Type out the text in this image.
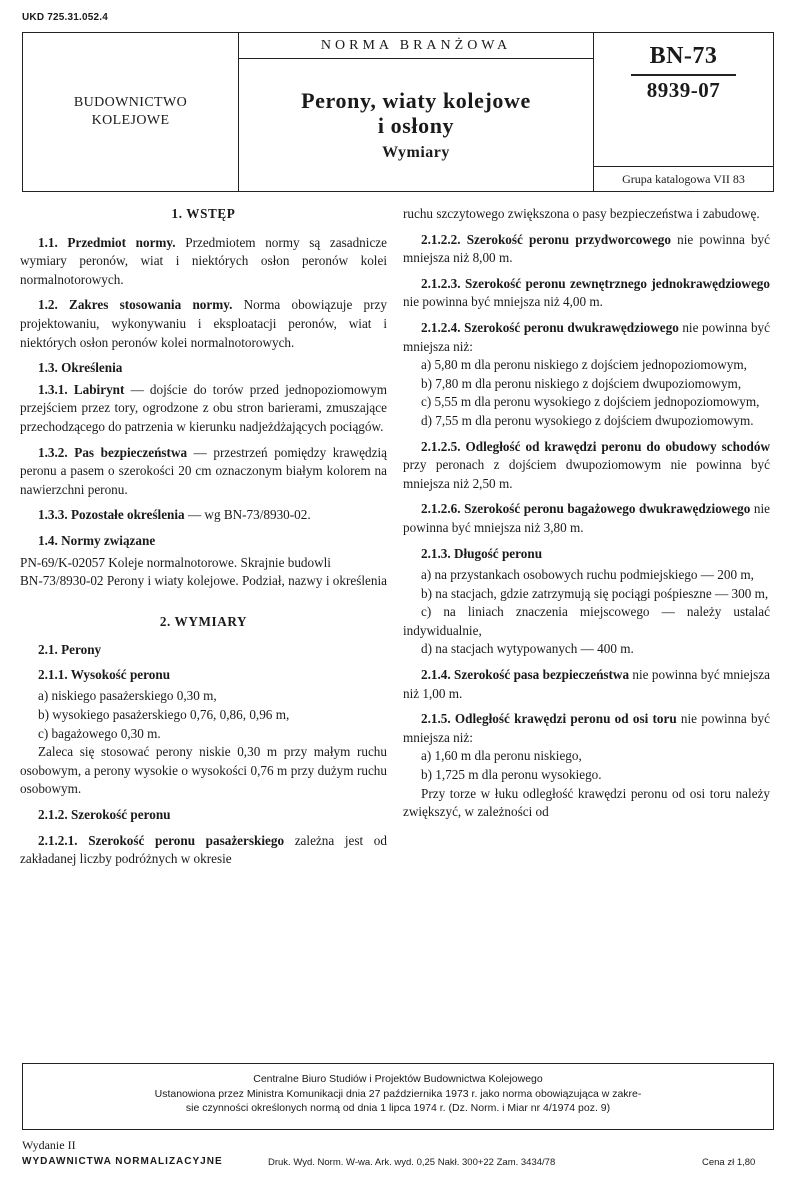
UKD 725.31.052.4
BUDOWNICTWO
KOLEJOWE
NORMA BRANŻOWA
Perony, wiaty kolejowe
i osłony
Wymiary
BN-73
8939-07
Grupa katalogowa VII 83

1. WSTĘP

1.1. Przedmiot normy. Przedmiotem normy są zasadnicze wymiary peronów, wiat i niektórych osłon peronów kolei normalnotorowych.

1.2. Zakres stosowania normy. Norma obowiązuje przy projektowaniu, wykonywaniu i eksploatacji peronów, wiat i niektórych osłon peronów kolei normalnotorowych.

1.3. Określenia

1.3.1. Labirynt — dojście do torów przed jednopoziomowym przejściem przez tory, ogrodzone z obu stron barierami, zmuszające przechodzącego do patrzenia w kierunku nadjeżdżających pociągów.

1.3.2. Pas bezpieczeństwa — przestrzeń pomiędzy krawędzią peronu a pasem o szerokości 20 cm oznaczonym białym kolorem na nawierzchni peronu.

1.3.3. Pozostałe określenia — wg BN-73/8930-02.

1.4. Normy związane

PN-69/K-02057 Koleje normalnotorowe. Skrajnie budowli

BN-73/8930-02 Perony i wiaty kolejowe. Podział, nazwy i określenia

2. WYMIARY

2.1. Perony

2.1.1. Wysokość peronu

a) niskiego pasażerskiego 0,30 m,

b) wysokiego pasażerskiego 0,76, 0,86, 0,96 m,

c) bagażowego 0,30 m.

Zaleca się stosować perony niskie 0,30 m przy małym ruchu osobowym, a perony wysokie o wysokości 0,76 m przy dużym ruchu osobowym.

2.1.2. Szerokość peronu

2.1.2.1. Szerokość peronu pasażerskiego zależna jest od zakładanej liczby podróżnych w okresie

ruchu szczytowego zwiększona o pasy bezpieczeństwa i zabudowę.

2.1.2.2. Szerokość peronu przydworcowego nie powinna być mniejsza niż 8,00 m.

2.1.2.3. Szerokość peronu zewnętrznego jednokrawędziowego nie powinna być mniejsza niż 4,00 m.

2.1.2.4. Szerokość peronu dwukrawędziowego nie powinna być mniejsza niż:

a) 5,80 m dla peronu niskiego z dojściem jednopoziomowym,

b) 7,80 m dla peronu niskiego z dojściem dwupoziomowym,

c) 5,55 m dla peronu wysokiego z dojściem jednopoziomowym,

d) 7,55 m dla peronu wysokiego z dojściem dwupoziomowym.

2.1.2.5. Odległość od krawędzi peronu do obudowy schodów przy peronach z dojściem dwupoziomowym nie powinna być mniejsza niż 2,50 m.

2.1.2.6. Szerokość peronu bagażowego dwukrawędziowego nie powinna być mniejsza niż 3,80 m.

2.1.3. Długość peronu

a) na przystankach osobowych ruchu podmiejskiego — 200 m,

b) na stacjach, gdzie zatrzymują się pociągi pośpieszne — 300 m,

c) na liniach znaczenia miejscowego — należy ustalać indywidualnie,

d) na stacjach wytypowanych — 400 m.

2.1.4. Szerokość pasa bezpieczeństwa nie powinna być mniejsza niż 1,00 m.

2.1.5. Odległość krawędzi peronu od osi toru nie powinna być mniejsza niż:

a) 1,60 m dla peronu niskiego,

b) 1,725 m dla peronu wysokiego.

Przy torze w łuku odległość krawędzi peronu od osi toru należy zwiększyć, w zależności od

Centralne Biuro Studiów i Projektów Budownictwa Kolejowego
Ustanowiona przez Ministra Komunikacji dnia 27 października 1973 r. jako norma obowiązująca w zakre-
sie czynności określonych normą od dnia 1 lipca 1974 r. (Dz. Norm. i Miar nr 4/1974 poz. 9)
Wydanie II
WYDAWNICTWA NORMALIZACYJNE	Druk. Wyd. Norm. W-wa. Ark. wyd. 0,25 Nakł. 300+22 Zam. 3434/78	Cena zł 1,80
